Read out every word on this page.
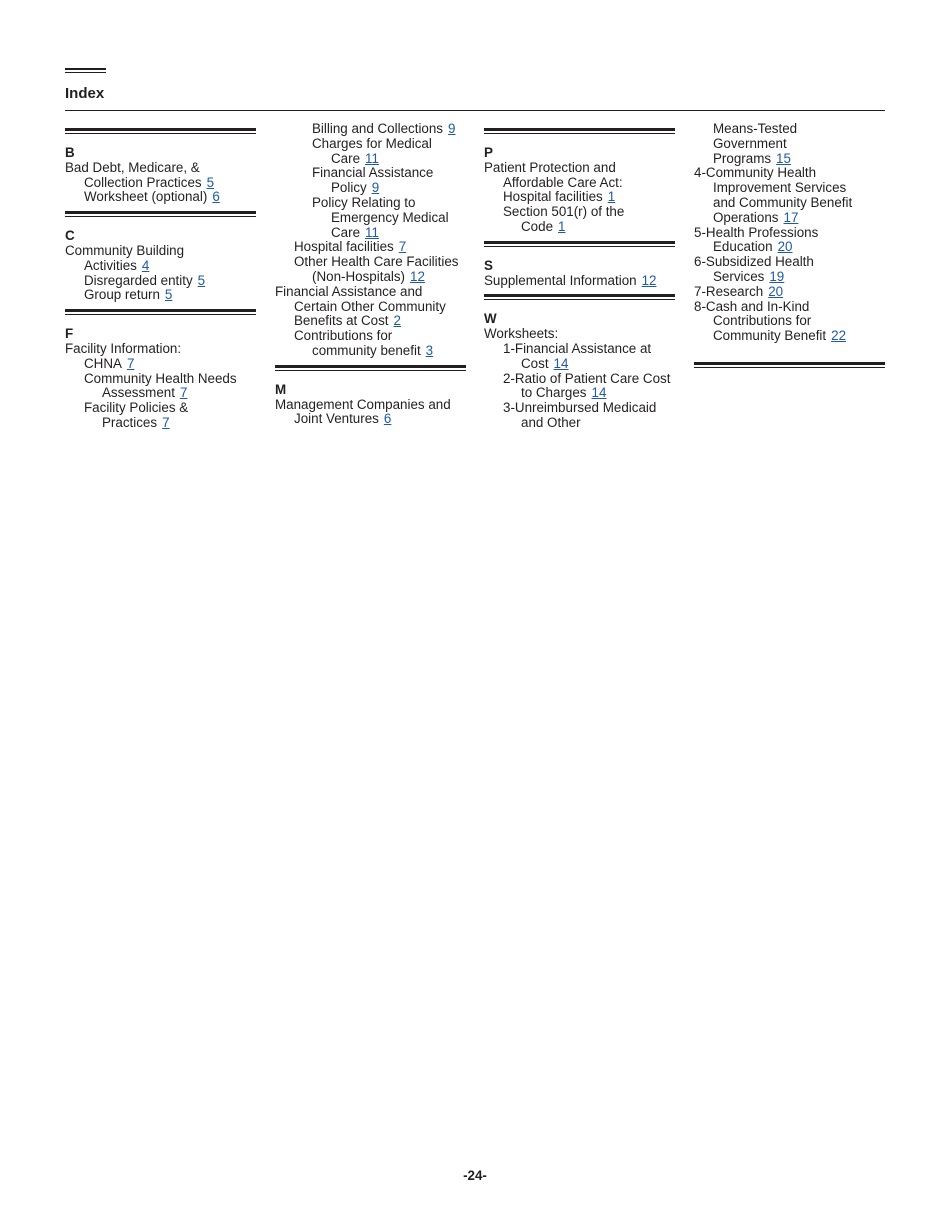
Index
B
Bad Debt, Medicare, &
Collection Practices 5
Worksheet (optional) 6
C
Community Building
Activities 4
Disregarded entity 5
Group return 5
F
Facility Information:
CHNA 7
Community Health Needs
Assessment 7
Facility Policies &
Practices 7
Billing and Collections 9
Charges for Medical
Care 11
Financial Assistance
Policy 9
Policy Relating to
Emergency Medical
Care 11
Hospital facilities 7
Other Health Care Facilities
(Non-Hospitals) 12
Financial Assistance and
Certain Other Community
Benefits at Cost 2
Contributions for
community benefit 3
M
Management Companies and
Joint Ventures 6
P
Patient Protection and
Affordable Care Act:
Hospital facilities 1
Section 501(r) of the
Code 1
S
Supplemental Information 12
W
Worksheets:
1-Financial Assistance at
Cost 14
2-Ratio of Patient Care Cost
to Charges 14
3-Unreimbursed Medicaid
and Other
Means-Tested
Government
Programs 15
4-Community Health
Improvement Services
and Community Benefit
Operations 17
5-Health Professions
Education 20
6-Subsidized Health
Services 19
7-Research 20
8-Cash and In-Kind
Contributions for
Community Benefit 22
-24-
